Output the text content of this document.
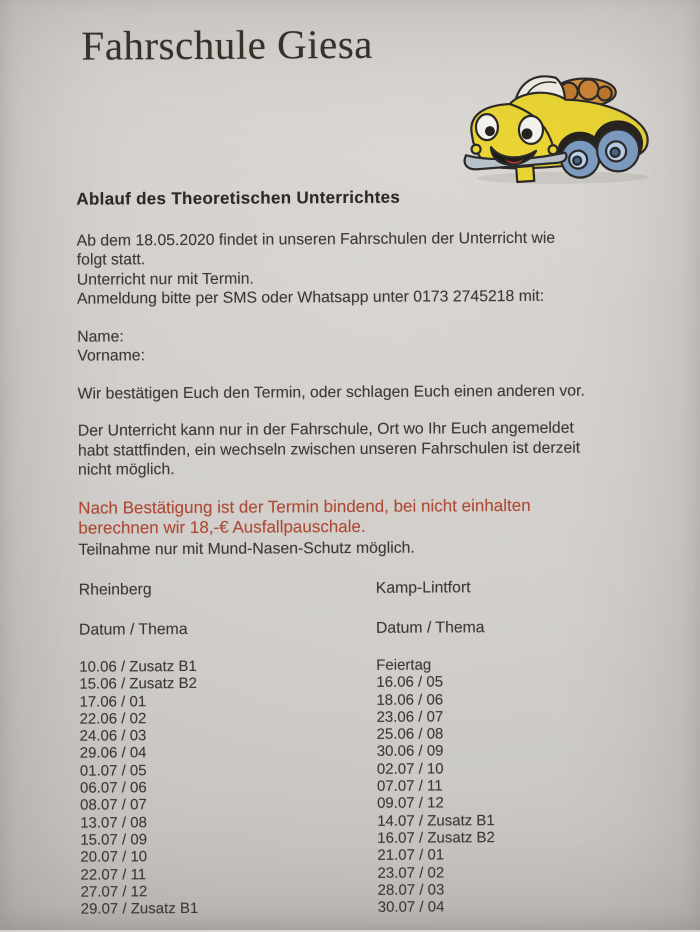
Fahrschule Giesa
Ablauf des Theoretischen Unterrichtes
Ab dem 18.05.2020 findet in unseren Fahrschulen der Unterricht wie
folgt statt.
Unterricht nur mit Termin.
Anmeldung bitte per SMS oder Whatsapp unter 0173 2745218 mit:
Name:
Vorname:
Wir bestätigen Euch den Termin, oder schlagen Euch einen anderen vor.
Der Unterricht kann nur in der Fahrschule, Ort wo Ihr Euch angemeldet
habt stattfinden, ein wechseln zwischen unseren Fahrschulen ist derzeit
nicht möglich.
Nach Bestätigung ist der Termin bindend, bei nicht einhalten
berechnen wir 18,-€ Ausfallpauschale.
Teilnahme nur mit Mund-Nasen-Schutz möglich.
Rheinberg
Datum / Thema
10.06 / Zusatz B1
15.06 / Zusatz B2
17.06 / 01
22.06 / 02
24.06 / 03
29.06 / 04
01.07 / 05
06.07 / 06
08.07 / 07
13.07 / 08
15.07 / 09
20.07 / 10
22.07 / 11
27.07 / 12
29.07 / Zusatz B1
Kamp-Lintfort
Datum / Thema
Feiertag
16.06 / 05
18.06 / 06
23.06 / 07
25.06 / 08
30.06 / 09
02.07 / 10
07.07 / 11
09.07 / 12
14.07 / Zusatz B1
16.07 / Zusatz B2
21.07 / 01
23.07 / 02
28.07 / 03
30.07 / 04
